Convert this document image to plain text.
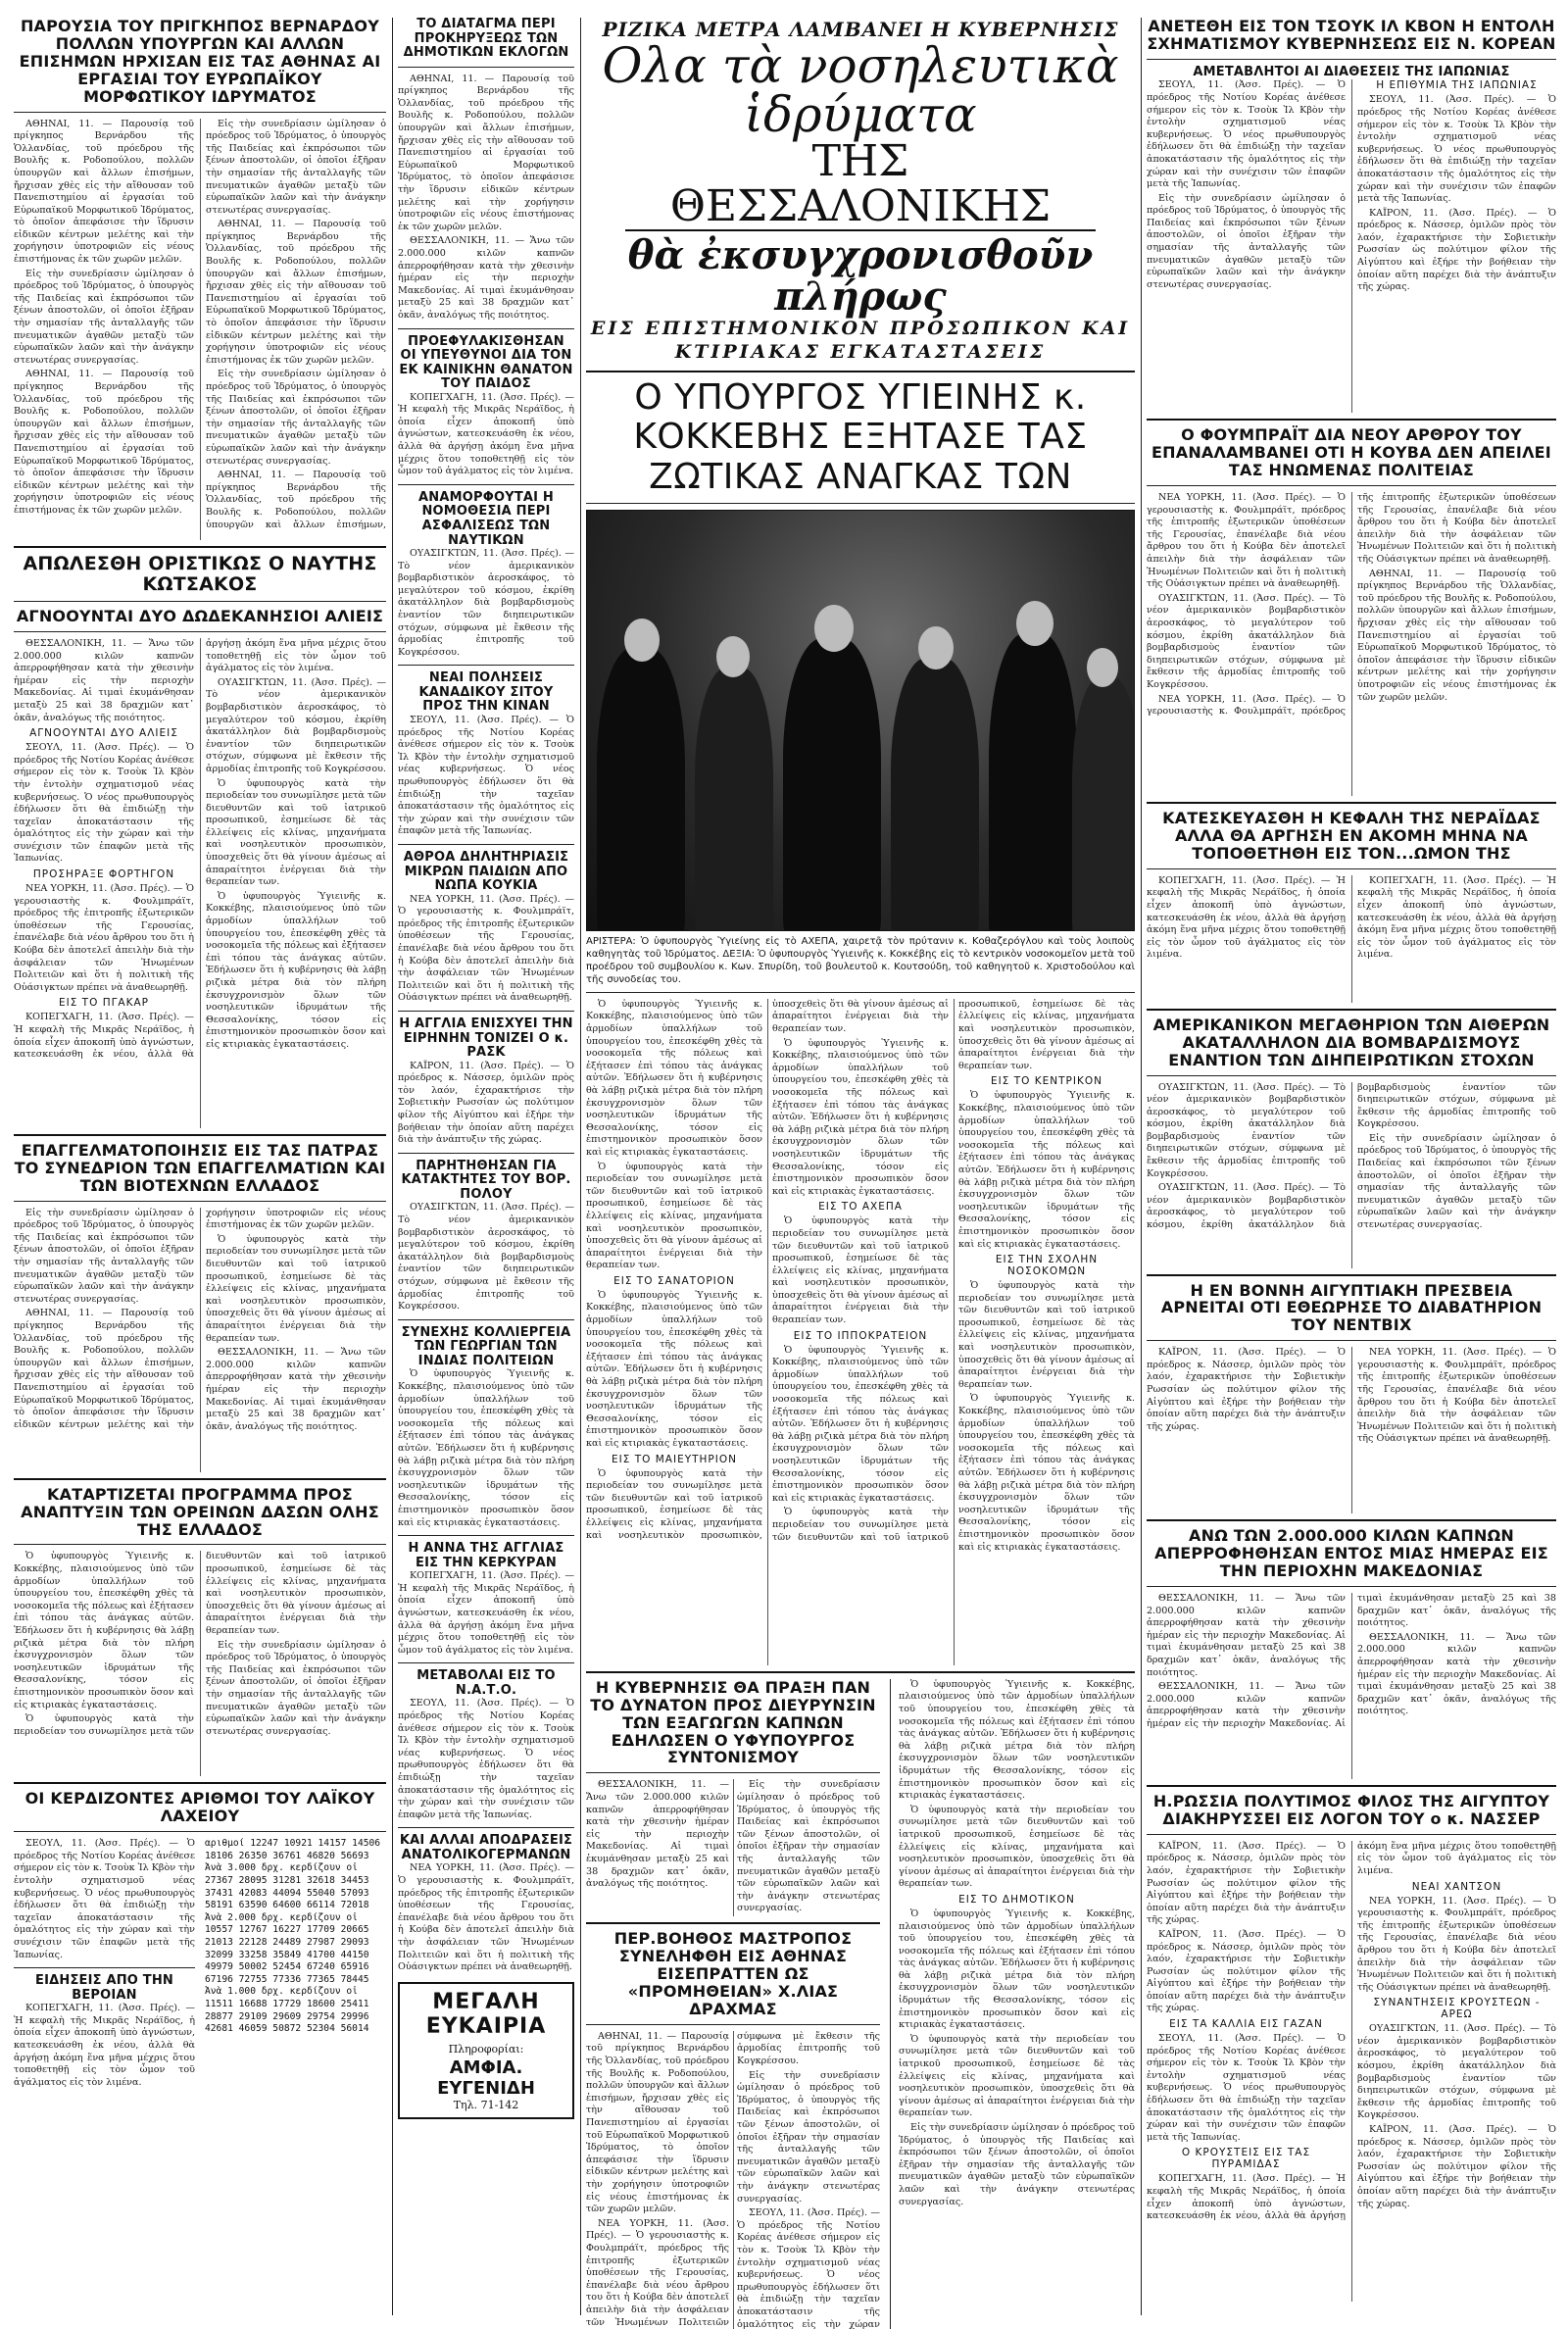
ΠΑΡΟΥΣΙΑ ΤΟΥ ΠΡΙΓΚΗΠΟΣ ΒΕΡΝΑΡΔΟΥ ΠΟΛΛΩΝ ΥΠΟΥΡΓΩΝ ΚΑΙ ΑΛΛΩΝ ΕΠΙΣΗΜΩΝ ΗΡΧΙΣΑΝ ΕΙΣ ΤΑΣ ΑΘΗΝΑΣ ΑΙ ΕΡΓΑΣΙΑΙ ΤΟΥ ΕΥΡΩΠΑΪΚΟΥ ΜΟΡΦΩΤΙΚΟΥ ΙΔΡΥΜΑΤΟΣ

ΑΘΗΝΑΙ, 11. — Παρουσίᾳ τοῦ πρίγκηπος Βερνάρδου τῆς Ὁλλανδίας, τοῦ πρόεδρου τῆς Βουλῆς κ. Ροδοπούλου, πολλῶν ὑπουργῶν καὶ ἄλλων ἐπισήμων, ἤρχισαν χθὲς εἰς τὴν αἴθουσαν τοῦ Πανεπιστημίου αἱ ἐργασίαι τοῦ Εὐρωπαϊκοῦ Μορφωτικοῦ Ἱδρύματος, τὸ ὁποῖον ἀπεφάσισε τὴν ἵδρυσιν εἰδικῶν κέντρων μελέτης καὶ τὴν χορήγησιν ὑποτροφιῶν εἰς νέους ἐπιστήμονας ἐκ τῶν χωρῶν μελῶν.

Εἰς τὴν συνεδρίασιν ὡμίλησαν ὁ πρόεδρος τοῦ Ἱδρύματος, ὁ ὑπουργὸς τῆς Παιδείας καὶ ἐκπρόσωποι τῶν ξένων ἀποστολῶν, οἱ ὁποῖοι ἐξῆραν τὴν σημασίαν τῆς ἀνταλλαγῆς τῶν πνευματικῶν ἀγαθῶν μεταξὺ τῶν εὐρωπαϊκῶν λαῶν καὶ τὴν ἀνάγκην στενωτέρας συνεργασίας.

ΑΘΗΝΑΙ, 11. — Παρουσίᾳ τοῦ πρίγκηπος Βερνάρδου τῆς Ὁλλανδίας, τοῦ πρόεδρου τῆς Βουλῆς κ. Ροδοπούλου, πολλῶν ὑπουργῶν καὶ ἄλλων ἐπισήμων, ἤρχισαν χθὲς εἰς τὴν αἴθουσαν τοῦ Πανεπιστημίου αἱ ἐργασίαι τοῦ Εὐρωπαϊκοῦ Μορφωτικοῦ Ἱδρύματος, τὸ ὁποῖον ἀπεφάσισε τὴν ἵδρυσιν εἰδικῶν κέντρων μελέτης καὶ τὴν χορήγησιν ὑποτροφιῶν εἰς νέους ἐπιστήμονας ἐκ τῶν χωρῶν μελῶν.

Εἰς τὴν συνεδρίασιν ὡμίλησαν ὁ πρόεδρος τοῦ Ἱδρύματος, ὁ ὑπουργὸς τῆς Παιδείας καὶ ἐκπρόσωποι τῶν ξένων ἀποστολῶν, οἱ ὁποῖοι ἐξῆραν τὴν σημασίαν τῆς ἀνταλλαγῆς τῶν πνευματικῶν ἀγαθῶν μεταξὺ τῶν εὐρωπαϊκῶν λαῶν καὶ τὴν ἀνάγκην στενωτέρας συνεργασίας.

ΑΘΗΝΑΙ, 11. — Παρουσίᾳ τοῦ πρίγκηπος Βερνάρδου τῆς Ὁλλανδίας, τοῦ πρόεδρου τῆς Βουλῆς κ. Ροδοπούλου, πολλῶν ὑπουργῶν καὶ ἄλλων ἐπισήμων, ἤρχισαν χθὲς εἰς τὴν αἴθουσαν τοῦ Πανεπιστημίου αἱ ἐργασίαι τοῦ Εὐρωπαϊκοῦ Μορφωτικοῦ Ἱδρύματος, τὸ ὁποῖον ἀπεφάσισε τὴν ἵδρυσιν εἰδικῶν κέντρων μελέτης καὶ τὴν χορήγησιν ὑποτροφιῶν εἰς νέους ἐπιστήμονας ἐκ τῶν χωρῶν μελῶν.

Εἰς τὴν συνεδρίασιν ὡμίλησαν ὁ πρόεδρος τοῦ Ἱδρύματος, ὁ ὑπουργὸς τῆς Παιδείας καὶ ἐκπρόσωποι τῶν ξένων ἀποστολῶν, οἱ ὁποῖοι ἐξῆραν τὴν σημασίαν τῆς ἀνταλλαγῆς τῶν πνευματικῶν ἀγαθῶν μεταξὺ τῶν εὐρωπαϊκῶν λαῶν καὶ τὴν ἀνάγκην στενωτέρας συνεργασίας.

ΑΘΗΝΑΙ, 11. — Παρουσίᾳ τοῦ πρίγκηπος Βερνάρδου τῆς Ὁλλανδίας, τοῦ πρόεδρου τῆς Βουλῆς κ. Ροδοπούλου, πολλῶν ὑπουργῶν καὶ ἄλλων ἐπισήμων,

ΑΠΩΛΕΣΘΗ ΟΡΙΣΤΙΚΩΣ Ο ΝΑΥΤΗΣ ΚΩΤΣΑΚΟΣ
ΑΓΝΟΟΥΝΤΑΙ ΔΥΟ ΔΩΔΕΚΑΝΗΣΙΟΙ ΑΛΙΕΙΣ

ΘΕΣΣΑΛΟΝΙΚΗ, 11. — Ἄνω τῶν 2.000.000 κιλῶν καπνῶν ἀπερροφήθησαν κατὰ τὴν χθεσινὴν ἡμέραν εἰς τὴν περιοχὴν Μακεδονίας. Αἱ τιμαὶ ἐκυμάνθησαν μεταξὺ 25 καὶ 38 δραχμῶν κατ᾽ ὀκᾶν, ἀναλόγως τῆς ποιότητος.

ΑΓΝΟΟΥΝΤΑΙ ΔΥΟ ΑΛΙΕΙΣ

ΣΕΟΥΛ, 11. (Ἀσσ. Πρές). — Ὁ πρόεδρος τῆς Νοτίου Κορέας ἀνέθεσε σήμερον εἰς τὸν κ. Τσοὺκ Ἰλ Κβὸν τὴν ἐντολὴν σχηματισμοῦ νέας κυβερνήσεως. Ὁ νέος πρωθυπουργὸς ἐδήλωσεν ὅτι θὰ ἐπιδιώξῃ τὴν ταχεῖαν ἀποκατάστασιν τῆς ὁμαλότητος εἰς τὴν χώραν καὶ τὴν συνέχισιν τῶν ἐπαφῶν μετὰ τῆς Ἰαπωνίας.

ΠΡΟΣΗΡΑΞΕ ΦΟΡΤΗΓΟΝ

ΝΕΑ ΥΟΡΚΗ, 11. (Ἀσσ. Πρές). — Ὁ γερουσιαστὴς κ. Φουλμπράϊτ, πρόεδρος τῆς ἐπιτροπῆς ἐξωτερικῶν ὑποθέσεων τῆς Γερουσίας, ἐπανέλαβε διὰ νέου ἄρθρου του ὅτι ἡ Κούβα δὲν ἀποτελεῖ ἀπειλὴν διὰ τὴν ἀσφάλειαν τῶν Ἡνωμένων Πολιτειῶν καὶ ὅτι ἡ πολιτικὴ τῆς Οὐάσιγκτων πρέπει νὰ ἀναθεωρηθῇ.

ΕΙΣ ΤΟ ΠΓΑΚΑΡ

ΚΟΠΕΓΧΑΓΗ, 11. (Ἀσσ. Πρές). — Ἡ κεφαλὴ τῆς Μικρᾶς Νεράϊδος, ἡ ὁποία εἶχεν ἀποκοπῆ ὑπὸ ἀγνώστων, κατεσκευάσθη ἐκ νέου, ἀλλὰ θὰ ἀργήσῃ ἀκόμη ἕνα μῆνα μέχρις ὅτου τοποθετηθῇ εἰς τὸν ὦμον τοῦ ἀγάλματος εἰς τὸν λιμένα.

ΟΥΑΣΙΓΚΤΩΝ, 11. (Ἀσσ. Πρές). — Τὸ νέον ἀμερικανικὸν βομβαρδιστικὸν ἀεροσκάφος, τὸ μεγαλύτερον τοῦ κόσμου, ἐκρίθη ἀκατάλληλον διὰ βομβαρδισμοὺς ἐναντίον τῶν διηπειρωτικῶν στόχων, σύμφωνα μὲ ἔκθεσιν τῆς ἁρμοδίας ἐπιτροπῆς τοῦ Κογκρέσσου.

Ὁ ὑφυπουργὸς κατὰ τὴν περιοδείαν του συνωμίλησε μετὰ τῶν διευθυντῶν καὶ τοῦ ἰατρικοῦ προσωπικοῦ, ἐσημείωσε δὲ τὰς ἐλλείψεις εἰς κλίνας, μηχανήματα καὶ νοσηλευτικὸν προσωπικὸν, ὑποσχεθεὶς ὅτι θὰ γίνουν ἀμέσως αἱ ἀπαραίτητοι ἐνέργειαι διὰ τὴν θεραπείαν των.

Ὁ ὑφυπουργὸς Ὑγιεινῆς κ. Κοκκέβης, πλαισιούμενος ὑπὸ τῶν ἁρμοδίων ὑπαλλήλων τοῦ ὑπουργείου του, ἐπεσκέφθη χθὲς τὰ νοσοκομεῖα τῆς πόλεως καὶ ἐξήτασεν ἐπὶ τόπου τὰς ἀνάγκας αὐτῶν. Ἐδήλωσεν ὅτι ἡ κυβέρνησις θὰ λάβῃ ριζικὰ μέτρα διὰ τὸν πλήρη ἐκσυγχρονισμὸν ὅλων τῶν νοσηλευτικῶν ἱδρυμάτων τῆς Θεσσαλονίκης, τόσον εἰς ἐπιστημονικὸν προσωπικὸν ὅσον καὶ εἰς κτιριακὰς ἐγκαταστάσεις.

ΕΠΑΓΓΕΛΜΑΤΟΠΟΙΗΣΙΣ ΕΙΣ ΤΑΣ ΠΑΤΡΑΣ ΤΟ ΣΥΝΕΔΡΙΟΝ ΤΩΝ ΕΠΑΓΓΕΛΜΑΤΙΩΝ ΚΑΙ ΤΩΝ ΒΙΟΤΕΧΝΩΝ ΕΛΛΑΔΟΣ

Εἰς τὴν συνεδρίασιν ὡμίλησαν ὁ πρόεδρος τοῦ Ἱδρύματος, ὁ ὑπουργὸς τῆς Παιδείας καὶ ἐκπρόσωποι τῶν ξένων ἀποστολῶν, οἱ ὁποῖοι ἐξῆραν τὴν σημασίαν τῆς ἀνταλλαγῆς τῶν πνευματικῶν ἀγαθῶν μεταξὺ τῶν εὐρωπαϊκῶν λαῶν καὶ τὴν ἀνάγκην στενωτέρας συνεργασίας.

ΑΘΗΝΑΙ, 11. — Παρουσίᾳ τοῦ πρίγκηπος Βερνάρδου τῆς Ὁλλανδίας, τοῦ πρόεδρου τῆς Βουλῆς κ. Ροδοπούλου, πολλῶν ὑπουργῶν καὶ ἄλλων ἐπισήμων, ἤρχισαν χθὲς εἰς τὴν αἴθουσαν τοῦ Πανεπιστημίου αἱ ἐργασίαι τοῦ Εὐρωπαϊκοῦ Μορφωτικοῦ Ἱδρύματος, τὸ ὁποῖον ἀπεφάσισε τὴν ἵδρυσιν εἰδικῶν κέντρων μελέτης καὶ τὴν χορήγησιν ὑποτροφιῶν εἰς νέους ἐπιστήμονας ἐκ τῶν χωρῶν μελῶν.

Ὁ ὑφυπουργὸς κατὰ τὴν περιοδείαν του συνωμίλησε μετὰ τῶν διευθυντῶν καὶ τοῦ ἰατρικοῦ προσωπικοῦ, ἐσημείωσε δὲ τὰς ἐλλείψεις εἰς κλίνας, μηχανήματα καὶ νοσηλευτικὸν προσωπικὸν, ὑποσχεθεὶς ὅτι θὰ γίνουν ἀμέσως αἱ ἀπαραίτητοι ἐνέργειαι διὰ τὴν θεραπείαν των.

ΘΕΣΣΑΛΟΝΙΚΗ, 11. — Ἄνω τῶν 2.000.000 κιλῶν καπνῶν ἀπερροφήθησαν κατὰ τὴν χθεσινὴν ἡμέραν εἰς τὴν περιοχὴν Μακεδονίας. Αἱ τιμαὶ ἐκυμάνθησαν μεταξὺ 25 καὶ 38 δραχμῶν κατ᾽ ὀκᾶν, ἀναλόγως τῆς ποιότητος.

ΚΑΤΑΡΤΙΖΕΤΑΙ ΠΡΟΓΡΑΜΜΑ ΠΡΟΣ ΑΝΑΠΤΥΞΙΝ ΤΩΝ ΟΡΕΙΝΩΝ ΔΑΣΩΝ ΟΛΗΣ ΤΗΣ ΕΛΛΑΔΟΣ

Ὁ ὑφυπουργὸς Ὑγιεινῆς κ. Κοκκέβης, πλαισιούμενος ὑπὸ τῶν ἁρμοδίων ὑπαλλήλων τοῦ ὑπουργείου του, ἐπεσκέφθη χθὲς τὰ νοσοκομεῖα τῆς πόλεως καὶ ἐξήτασεν ἐπὶ τόπου τὰς ἀνάγκας αὐτῶν. Ἐδήλωσεν ὅτι ἡ κυβέρνησις θὰ λάβῃ ριζικὰ μέτρα διὰ τὸν πλήρη ἐκσυγχρονισμὸν ὅλων τῶν νοσηλευτικῶν ἱδρυμάτων τῆς Θεσσαλονίκης, τόσον εἰς ἐπιστημονικὸν προσωπικὸν ὅσον καὶ εἰς κτιριακὰς ἐγκαταστάσεις.

Ὁ ὑφυπουργὸς κατὰ τὴν περιοδείαν του συνωμίλησε μετὰ τῶν διευθυντῶν καὶ τοῦ ἰατρικοῦ προσωπικοῦ, ἐσημείωσε δὲ τὰς ἐλλείψεις εἰς κλίνας, μηχανήματα καὶ νοσηλευτικὸν προσωπικὸν, ὑποσχεθεὶς ὅτι θὰ γίνουν ἀμέσως αἱ ἀπαραίτητοι ἐνέργειαι διὰ τὴν θεραπείαν των.

Εἰς τὴν συνεδρίασιν ὡμίλησαν ὁ πρόεδρος τοῦ Ἱδρύματος, ὁ ὑπουργὸς τῆς Παιδείας καὶ ἐκπρόσωποι τῶν ξένων ἀποστολῶν, οἱ ὁποῖοι ἐξῆραν τὴν σημασίαν τῆς ἀνταλλαγῆς τῶν πνευματικῶν ἀγαθῶν μεταξὺ τῶν εὐρωπαϊκῶν λαῶν καὶ τὴν ἀνάγκην στενωτέρας συνεργασίας.

ΟΙ ΚΕΡΔΙΖΟΝΤΕΣ ΑΡΙΘΜΟΙ ΤΟΥ ΛΑΪΚΟΥ ΛΑΧΕΙΟΥ

ΣΕΟΥΛ, 11. (Ἀσσ. Πρές). — Ὁ πρόεδρος τῆς Νοτίου Κορέας ἀνέθεσε σήμερον εἰς τὸν κ. Τσοὺκ Ἰλ Κβὸν τὴν ἐντολὴν σχηματισμοῦ νέας κυβερνήσεως. Ὁ νέος πρωθυπουργὸς ἐδήλωσεν ὅτι θὰ ἐπιδιώξῃ τὴν ταχεῖαν ἀποκατάστασιν τῆς ὁμαλότητος εἰς τὴν χώραν καὶ τὴν συνέχισιν τῶν ἐπαφῶν μετὰ τῆς Ἰαπωνίας.

ΕΙΔΗΣΕΙΣ ΑΠΟ ΤΗΝ ΒΕΡΟΙΑΝ

ΚΟΠΕΓΧΑΓΗ, 11. (Ἀσσ. Πρές). — Ἡ κεφαλὴ τῆς Μικρᾶς Νεράϊδος, ἡ ὁποία εἶχεν ἀποκοπῆ ὑπὸ ἀγνώστων, κατεσκευάσθη ἐκ νέου, ἀλλὰ θὰ ἀργήσῃ ἀκόμη ἕνα μῆνα μέχρις ὅτου τοποθετηθῇ εἰς τὸν ὦμον τοῦ ἀγάλματος εἰς τὸν λιμένα.

αριθμοί 12247 10921 14157 14506
18106 26350 36761 46820 56693
Ἀνὰ 3.000 δρχ. κερδίζουν οἱ
27367 28095 31281 32618 34453
37431 42083 44094 55040 57093
58191 63590 64600 66114 72018
Ἀνὰ 2.000 δρχ. κερδίζουν οἱ
10557 12767 16227 17709 20665
21013 22128 24489 27987 29093
32099 33258 35849 41700 44150
49979 50002 52454 67240 65916
67196 72755 77336 77365 78445
Ἀνὰ 1.000 δρχ. κερδίζουν οἱ
11511 16688 17729 18600 25411
28877 29109 29609 29754 29996
42681 46059 50872 52304 56014
ΤΟ ΔΙΑΤΑΓΜΑ ΠΕΡΙ ΠΡΟΚΗΡΥΞΕΩΣ ΤΩΝ ΔΗΜΟΤΙΚΩΝ ΕΚΛΟΓΩΝ

ΑΘΗΝΑΙ, 11. — Παρουσίᾳ τοῦ πρίγκηπος Βερνάρδου τῆς Ὁλλανδίας, τοῦ πρόεδρου τῆς Βουλῆς κ. Ροδοπούλου, πολλῶν ὑπουργῶν καὶ ἄλλων ἐπισήμων, ἤρχισαν χθὲς εἰς τὴν αἴθουσαν τοῦ Πανεπιστημίου αἱ ἐργασίαι τοῦ Εὐρωπαϊκοῦ Μορφωτικοῦ Ἱδρύματος, τὸ ὁποῖον ἀπεφάσισε τὴν ἵδρυσιν εἰδικῶν κέντρων μελέτης καὶ τὴν χορήγησιν ὑποτροφιῶν εἰς νέους ἐπιστήμονας ἐκ τῶν χωρῶν μελῶν.

ΘΕΣΣΑΛΟΝΙΚΗ, 11. — Ἄνω τῶν 2.000.000 κιλῶν καπνῶν ἀπερροφήθησαν κατὰ τὴν χθεσινὴν ἡμέραν εἰς τὴν περιοχὴν Μακεδονίας. Αἱ τιμαὶ ἐκυμάνθησαν μεταξὺ 25 καὶ 38 δραχμῶν κατ᾽ ὀκᾶν, ἀναλόγως τῆς ποιότητος.

ΠΡΟΕΦΥΛΑΚΙΣΘΗΣΑΝ ΟΙ ΥΠΕΥΘΥΝΟΙ ΔΙΑ ΤΟΝ ΕΚ ΚΑΙΝΙΚΗΝ ΘΑΝΑΤΟΝ ΤΟΥ ΠΑΙΔΟΣ

ΚΟΠΕΓΧΑΓΗ, 11. (Ἀσσ. Πρές). — Ἡ κεφαλὴ τῆς Μικρᾶς Νεράϊδος, ἡ ὁποία εἶχεν ἀποκοπῆ ὑπὸ ἀγνώστων, κατεσκευάσθη ἐκ νέου, ἀλλὰ θὰ ἀργήσῃ ἀκόμη ἕνα μῆνα μέχρις ὅτου τοποθετηθῇ εἰς τὸν ὦμον τοῦ ἀγάλματος εἰς τὸν λιμένα.

ΑΝΑΜΟΡΦΟΥΤΑΙ Η ΝΟΜΟΘΕΣΙΑ ΠΕΡΙ ΑΣΦΑΛΙΣΕΩΣ ΤΩΝ ΝΑΥΤΙΚΩΝ

ΟΥΑΣΙΓΚΤΩΝ, 11. (Ἀσσ. Πρές). — Τὸ νέον ἀμερικανικὸν βομβαρδιστικὸν ἀεροσκάφος, τὸ μεγαλύτερον τοῦ κόσμου, ἐκρίθη ἀκατάλληλον διὰ βομβαρδισμοὺς ἐναντίον τῶν διηπειρωτικῶν στόχων, σύμφωνα μὲ ἔκθεσιν τῆς ἁρμοδίας ἐπιτροπῆς τοῦ Κογκρέσσου.

ΝΕΑΙ ΠΟΛΗΣΕΙΣ ΚΑΝΑΔΙΚΟΥ ΣΙΤΟΥ ΠΡΟΣ ΤΗΝ ΚΙΝΑΝ

ΣΕΟΥΛ, 11. (Ἀσσ. Πρές). — Ὁ πρόεδρος τῆς Νοτίου Κορέας ἀνέθεσε σήμερον εἰς τὸν κ. Τσοὺκ Ἰλ Κβὸν τὴν ἐντολὴν σχηματισμοῦ νέας κυβερνήσεως. Ὁ νέος πρωθυπουργὸς ἐδήλωσεν ὅτι θὰ ἐπιδιώξῃ τὴν ταχεῖαν ἀποκατάστασιν τῆς ὁμαλότητος εἰς τὴν χώραν καὶ τὴν συνέχισιν τῶν ἐπαφῶν μετὰ τῆς Ἰαπωνίας.

ΑΘΡΟΑ ΔΗΛΗΤΗΡΙΑΣΙΣ ΜΙΚΡΩΝ ΠΑΙΔΙΩΝ ΑΠΟ ΝΩΠΑ ΚΟΥΚΙΑ

ΝΕΑ ΥΟΡΚΗ, 11. (Ἀσσ. Πρές). — Ὁ γερουσιαστὴς κ. Φουλμπράϊτ, πρόεδρος τῆς ἐπιτροπῆς ἐξωτερικῶν ὑποθέσεων τῆς Γερουσίας, ἐπανέλαβε διὰ νέου ἄρθρου του ὅτι ἡ Κούβα δὲν ἀποτελεῖ ἀπειλὴν διὰ τὴν ἀσφάλειαν τῶν Ἡνωμένων Πολιτειῶν καὶ ὅτι ἡ πολιτικὴ τῆς Οὐάσιγκτων πρέπει νὰ ἀναθεωρηθῇ.

Η ΑΓΓΛΙΑ ΕΝΙΣΧΥΕΙ ΤΗΝ ΕΙΡΗΝΗΝ ΤΟΝΙΖΕΙ Ο κ. ΡΑΣΚ

ΚΑΪΡΟΝ, 11. (Ἀσσ. Πρές). — Ὁ πρόεδρος κ. Νάσσερ, ὁμιλῶν πρὸς τὸν λαόν, ἐχαρακτήρισε τὴν Σοβιετικὴν Ρωσσίαν ὡς πολύτιμον φίλον τῆς Αἰγύπτου καὶ ἐξήρε τὴν βοήθειαν τὴν ὁποίαν αὕτη παρέχει διὰ τὴν ἀνάπτυξιν τῆς χώρας.

ΠΑΡΗΤΗΘΗΣΑΝ ΓΙΑ ΚΑΤΑΚΤΗΤΕΣ ΤΟΥ ΒΟΡ. ΠΟΛΟΥ

ΟΥΑΣΙΓΚΤΩΝ, 11. (Ἀσσ. Πρές). — Τὸ νέον ἀμερικανικὸν βομβαρδιστικὸν ἀεροσκάφος, τὸ μεγαλύτερον τοῦ κόσμου, ἐκρίθη ἀκατάλληλον διὰ βομβαρδισμοὺς ἐναντίον τῶν διηπειρωτικῶν στόχων, σύμφωνα μὲ ἔκθεσιν τῆς ἁρμοδίας ἐπιτροπῆς τοῦ Κογκρέσσου.

ΣΥΝΕΧΗΣ ΚΟΛΛΙΕΡΓΕΙΑ ΤΩΝ ΓΕΩΡΓΙΑΝ ΤΩΝ ΙΝΔΙΑΣ ΠΟΛΙΤΕΙΩΝ

Ὁ ὑφυπουργὸς Ὑγιεινῆς κ. Κοκκέβης, πλαισιούμενος ὑπὸ τῶν ἁρμοδίων ὑπαλλήλων τοῦ ὑπουργείου του, ἐπεσκέφθη χθὲς τὰ νοσοκομεῖα τῆς πόλεως καὶ ἐξήτασεν ἐπὶ τόπου τὰς ἀνάγκας αὐτῶν. Ἐδήλωσεν ὅτι ἡ κυβέρνησις θὰ λάβῃ ριζικὰ μέτρα διὰ τὸν πλήρη ἐκσυγχρονισμὸν ὅλων τῶν νοσηλευτικῶν ἱδρυμάτων τῆς Θεσσαλονίκης, τόσον εἰς ἐπιστημονικὸν προσωπικὸν ὅσον καὶ εἰς κτιριακὰς ἐγκαταστάσεις.

Η ΑΝΝΑ ΤΗΣ ΑΓΓΛΙΑΣ ΕΙΣ ΤΗΝ ΚΕΡΚΥΡΑΝ

ΚΟΠΕΓΧΑΓΗ, 11. (Ἀσσ. Πρές). — Ἡ κεφαλὴ τῆς Μικρᾶς Νεράϊδος, ἡ ὁποία εἶχεν ἀποκοπῆ ὑπὸ ἀγνώστων, κατεσκευάσθη ἐκ νέου, ἀλλὰ θὰ ἀργήσῃ ἀκόμη ἕνα μῆνα μέχρις ὅτου τοποθετηθῇ εἰς τὸν ὦμον τοῦ ἀγάλματος εἰς τὸν λιμένα.

ΜΕΤΑΒΟΛΑΙ ΕΙΣ ΤΟ Ν.Α.Τ.Ο.

ΣΕΟΥΛ, 11. (Ἀσσ. Πρές). — Ὁ πρόεδρος τῆς Νοτίου Κορέας ἀνέθεσε σήμερον εἰς τὸν κ. Τσοὺκ Ἰλ Κβὸν τὴν ἐντολὴν σχηματισμοῦ νέας κυβερνήσεως. Ὁ νέος πρωθυπουργὸς ἐδήλωσεν ὅτι θὰ ἐπιδιώξῃ τὴν ταχεῖαν ἀποκατάστασιν τῆς ὁμαλότητος εἰς τὴν χώραν καὶ τὴν συνέχισιν τῶν ἐπαφῶν μετὰ τῆς Ἰαπωνίας.

ΚΑΙ ΑΛΛΑΙ ΑΠΟΔΡΑΣΕΙΣ ΑΝΑΤΟΛΙΚΟΓΕΡΜΑΝΩΝ

ΝΕΑ ΥΟΡΚΗ, 11. (Ἀσσ. Πρές). — Ὁ γερουσιαστὴς κ. Φουλμπράϊτ, πρόεδρος τῆς ἐπιτροπῆς ἐξωτερικῶν ὑποθέσεων τῆς Γερουσίας, ἐπανέλαβε διὰ νέου ἄρθρου του ὅτι ἡ Κούβα δὲν ἀποτελεῖ ἀπειλὴν διὰ τὴν ἀσφάλειαν τῶν Ἡνωμένων Πολιτειῶν καὶ ὅτι ἡ πολιτικὴ τῆς Οὐάσιγκτων πρέπει νὰ ἀναθεωρηθῇ.

ΜΕΓΑΛΗ ΕΥΚΑΙΡΙΑ
Πληροφορίαι:
ΑΜΦΙΑ. ΕΥΓΕΝΙΔΗ
Τηλ. 71-142
ΡΙΖΙΚΑ ΜΕΤΡΑ ΛΑΜΒΑΝΕΙ Η ΚΥΒΕΡΝΗΣΙΣ
Ολα τὰ νοσηλευτικὰ ἱδρύματα
ΤΗΣ ΘΕΣΣΑΛΟΝΙΚΗΣ
θὰ ἐκσυγχρονισθοῦν πλήρως
ΕΙΣ ΕΠΙΣΤΗΜΟΝΙΚΟΝ ΠΡΟΣΩΠΙΚΟΝ ΚΑΙ ΚΤΙΡΙΑΚΑΣ ΕΓΚΑΤΑΣΤΑΣΕΙΣ
Ο ΥΠΟΥΡΓΟΣ ΥΓΙΕΙΝΗΣ κ. ΚΟΚΚΕΒΗΣ ΕΞΗΤΑΣΕ ΤΑΣ ΖΩΤΙΚΑΣ ΑΝΑΓΚΑΣ ΤΩΝ
ΑΡΙΣΤΕΡΑ: Ὁ ὑφυπουργὸς Ὑγιείνης εἰς τὸ ΑΧΕΠΑ, χαιρετᾷ τὸν πρύτανιν κ. Κοθαζερόγλου καὶ τοὺς λοιποὺς καθηγητὰς τοῦ Ἱδρύματος. ΔΕΞΙΑ: Ὁ ὑφυπουργὸς Ὑγιεινῆς κ. Κοκκέβης εἰς τὸ κεντρικὸν νοσοκομεῖον μετὰ τοῦ προέδρου τοῦ συμβουλίου κ. Κων. Σπυρίδη, τοῦ βουλευτοῦ κ. Κουτσούδη, τοῦ καθηγητοῦ κ. Χριστοδούλου καὶ τῆς συνοδείας του.

Ὁ ὑφυπουργὸς Ὑγιεινῆς κ. Κοκκέβης, πλαισιούμενος ὑπὸ τῶν ἁρμοδίων ὑπαλλήλων τοῦ ὑπουργείου του, ἐπεσκέφθη χθὲς τὰ νοσοκομεῖα τῆς πόλεως καὶ ἐξήτασεν ἐπὶ τόπου τὰς ἀνάγκας αὐτῶν. Ἐδήλωσεν ὅτι ἡ κυβέρνησις θὰ λάβῃ ριζικὰ μέτρα διὰ τὸν πλήρη ἐκσυγχρονισμὸν ὅλων τῶν νοσηλευτικῶν ἱδρυμάτων τῆς Θεσσαλονίκης, τόσον εἰς ἐπιστημονικὸν προσωπικὸν ὅσον καὶ εἰς κτιριακὰς ἐγκαταστάσεις.

Ὁ ὑφυπουργὸς κατὰ τὴν περιοδείαν του συνωμίλησε μετὰ τῶν διευθυντῶν καὶ τοῦ ἰατρικοῦ προσωπικοῦ, ἐσημείωσε δὲ τὰς ἐλλείψεις εἰς κλίνας, μηχανήματα καὶ νοσηλευτικὸν προσωπικὸν, ὑποσχεθεὶς ὅτι θὰ γίνουν ἀμέσως αἱ ἀπαραίτητοι ἐνέργειαι διὰ τὴν θεραπείαν των.

ΕΙΣ ΤΟ ΣΑΝΑΤΟΡΙΟΝ

Ὁ ὑφυπουργὸς Ὑγιεινῆς κ. Κοκκέβης, πλαισιούμενος ὑπὸ τῶν ἁρμοδίων ὑπαλλήλων τοῦ ὑπουργείου του, ἐπεσκέφθη χθὲς τὰ νοσοκομεῖα τῆς πόλεως καὶ ἐξήτασεν ἐπὶ τόπου τὰς ἀνάγκας αὐτῶν. Ἐδήλωσεν ὅτι ἡ κυβέρνησις θὰ λάβῃ ριζικὰ μέτρα διὰ τὸν πλήρη ἐκσυγχρονισμὸν ὅλων τῶν νοσηλευτικῶν ἱδρυμάτων τῆς Θεσσαλονίκης, τόσον εἰς ἐπιστημονικὸν προσωπικὸν ὅσον καὶ εἰς κτιριακὰς ἐγκαταστάσεις.

ΕΙΣ ΤΟ ΜΑΙΕΥΤΗΡΙΟΝ

Ὁ ὑφυπουργὸς κατὰ τὴν περιοδείαν του συνωμίλησε μετὰ τῶν διευθυντῶν καὶ τοῦ ἰατρικοῦ προσωπικοῦ, ἐσημείωσε δὲ τὰς ἐλλείψεις εἰς κλίνας, μηχανήματα καὶ νοσηλευτικὸν προσωπικὸν, ὑποσχεθεὶς ὅτι θὰ γίνουν ἀμέσως αἱ ἀπαραίτητοι ἐνέργειαι διὰ τὴν θεραπείαν των.

Ὁ ὑφυπουργὸς Ὑγιεινῆς κ. Κοκκέβης, πλαισιούμενος ὑπὸ τῶν ἁρμοδίων ὑπαλλήλων τοῦ ὑπουργείου του, ἐπεσκέφθη χθὲς τὰ νοσοκομεῖα τῆς πόλεως καὶ ἐξήτασεν ἐπὶ τόπου τὰς ἀνάγκας αὐτῶν. Ἐδήλωσεν ὅτι ἡ κυβέρνησις θὰ λάβῃ ριζικὰ μέτρα διὰ τὸν πλήρη ἐκσυγχρονισμὸν ὅλων τῶν νοσηλευτικῶν ἱδρυμάτων τῆς Θεσσαλονίκης, τόσον εἰς ἐπιστημονικὸν προσωπικὸν ὅσον καὶ εἰς κτιριακὰς ἐγκαταστάσεις.

ΕΙΣ ΤΟ ΑΧΕΠΑ

Ὁ ὑφυπουργὸς κατὰ τὴν περιοδείαν του συνωμίλησε μετὰ τῶν διευθυντῶν καὶ τοῦ ἰατρικοῦ προσωπικοῦ, ἐσημείωσε δὲ τὰς ἐλλείψεις εἰς κλίνας, μηχανήματα καὶ νοσηλευτικὸν προσωπικὸν, ὑποσχεθεὶς ὅτι θὰ γίνουν ἀμέσως αἱ ἀπαραίτητοι ἐνέργειαι διὰ τὴν θεραπείαν των.

ΕΙΣ ΤΟ ΙΠΠΟΚΡΑΤΕΙΟΝ

Ὁ ὑφυπουργὸς Ὑγιεινῆς κ. Κοκκέβης, πλαισιούμενος ὑπὸ τῶν ἁρμοδίων ὑπαλλήλων τοῦ ὑπουργείου του, ἐπεσκέφθη χθὲς τὰ νοσοκομεῖα τῆς πόλεως καὶ ἐξήτασεν ἐπὶ τόπου τὰς ἀνάγκας αὐτῶν. Ἐδήλωσεν ὅτι ἡ κυβέρνησις θὰ λάβῃ ριζικὰ μέτρα διὰ τὸν πλήρη ἐκσυγχρονισμὸν ὅλων τῶν νοσηλευτικῶν ἱδρυμάτων τῆς Θεσσαλονίκης, τόσον εἰς ἐπιστημονικὸν προσωπικὸν ὅσον καὶ εἰς κτιριακὰς ἐγκαταστάσεις.

Ὁ ὑφυπουργὸς κατὰ τὴν περιοδείαν του συνωμίλησε μετὰ τῶν διευθυντῶν καὶ τοῦ ἰατρικοῦ προσωπικοῦ, ἐσημείωσε δὲ τὰς ἐλλείψεις εἰς κλίνας, μηχανήματα καὶ νοσηλευτικὸν προσωπικὸν, ὑποσχεθεὶς ὅτι θὰ γίνουν ἀμέσως αἱ ἀπαραίτητοι ἐνέργειαι διὰ τὴν θεραπείαν των.

ΕΙΣ ΤΟ ΚΕΝΤΡΙΚΟΝ

Ὁ ὑφυπουργὸς Ὑγιεινῆς κ. Κοκκέβης, πλαισιούμενος ὑπὸ τῶν ἁρμοδίων ὑπαλλήλων τοῦ ὑπουργείου του, ἐπεσκέφθη χθὲς τὰ νοσοκομεῖα τῆς πόλεως καὶ ἐξήτασεν ἐπὶ τόπου τὰς ἀνάγκας αὐτῶν. Ἐδήλωσεν ὅτι ἡ κυβέρνησις θὰ λάβῃ ριζικὰ μέτρα διὰ τὸν πλήρη ἐκσυγχρονισμὸν ὅλων τῶν νοσηλευτικῶν ἱδρυμάτων τῆς Θεσσαλονίκης, τόσον εἰς ἐπιστημονικὸν προσωπικὸν ὅσον καὶ εἰς κτιριακὰς ἐγκαταστάσεις.

ΕΙΣ ΤΗΝ ΣΧΟΛΗΝ ΝΟΣΟΚΟΜΩΝ

Ὁ ὑφυπουργὸς κατὰ τὴν περιοδείαν του συνωμίλησε μετὰ τῶν διευθυντῶν καὶ τοῦ ἰατρικοῦ προσωπικοῦ, ἐσημείωσε δὲ τὰς ἐλλείψεις εἰς κλίνας, μηχανήματα καὶ νοσηλευτικὸν προσωπικὸν, ὑποσχεθεὶς ὅτι θὰ γίνουν ἀμέσως αἱ ἀπαραίτητοι ἐνέργειαι διὰ τὴν θεραπείαν των.

Ὁ ὑφυπουργὸς Ὑγιεινῆς κ. Κοκκέβης, πλαισιούμενος ὑπὸ τῶν ἁρμοδίων ὑπαλλήλων τοῦ ὑπουργείου του, ἐπεσκέφθη χθὲς τὰ νοσοκομεῖα τῆς πόλεως καὶ ἐξήτασεν ἐπὶ τόπου τὰς ἀνάγκας αὐτῶν. Ἐδήλωσεν ὅτι ἡ κυβέρνησις θὰ λάβῃ ριζικὰ μέτρα διὰ τὸν πλήρη ἐκσυγχρονισμὸν ὅλων τῶν νοσηλευτικῶν ἱδρυμάτων τῆς Θεσσαλονίκης, τόσον εἰς ἐπιστημονικὸν προσωπικὸν ὅσον καὶ εἰς κτιριακὰς ἐγκαταστάσεις.

Η ΚΥΒΕΡΝΗΣΙΣ ΘΑ ΠΡΑΞΗ ΠΑΝ ΤΟ ΔΥΝΑΤΟΝ ΠΡΟΣ ΔΙΕΥΡΥΝΣΙΝ ΤΩΝ ΕΞΑΓΩΓΩΝ ΚΑΠΝΩΝ ΕΔΗΛΩΣΕΝ Ο ΥΦΥΠΟΥΡΓΟΣ ΣΥΝΤΟΝΙΣΜΟΥ

ΘΕΣΣΑΛΟΝΙΚΗ, 11. — Ἄνω τῶν 2.000.000 κιλῶν καπνῶν ἀπερροφήθησαν κατὰ τὴν χθεσινὴν ἡμέραν εἰς τὴν περιοχὴν Μακεδονίας. Αἱ τιμαὶ ἐκυμάνθησαν μεταξὺ 25 καὶ 38 δραχμῶν κατ᾽ ὀκᾶν, ἀναλόγως τῆς ποιότητος.

Εἰς τὴν συνεδρίασιν ὡμίλησαν ὁ πρόεδρος τοῦ Ἱδρύματος, ὁ ὑπουργὸς τῆς Παιδείας καὶ ἐκπρόσωποι τῶν ξένων ἀποστολῶν, οἱ ὁποῖοι ἐξῆραν τὴν σημασίαν τῆς ἀνταλλαγῆς τῶν πνευματικῶν ἀγαθῶν μεταξὺ τῶν εὐρωπαϊκῶν λαῶν καὶ τὴν ἀνάγκην στενωτέρας συνεργασίας.

ΠΕΡ.ΒΟΗΘΟΣ ΜΑΣΤΡΟΠΟΣ ΣΥΝΕΛΗΦΘΗ ΕΙΣ ΑΘΗΝΑΣ ΕΙΣΕΠΡΑΤΤΕΝ ΩΣ «ΠΡΟΜΗΘΕΙΑΝ» Χ.ΛΙΑΣ ΔΡΑΧΜΑΣ

ΑΘΗΝΑΙ, 11. — Παρουσίᾳ τοῦ πρίγκηπος Βερνάρδου τῆς Ὁλλανδίας, τοῦ πρόεδρου τῆς Βουλῆς κ. Ροδοπούλου, πολλῶν ὑπουργῶν καὶ ἄλλων ἐπισήμων, ἤρχισαν χθὲς εἰς τὴν αἴθουσαν τοῦ Πανεπιστημίου αἱ ἐργασίαι τοῦ Εὐρωπαϊκοῦ Μορφωτικοῦ Ἱδρύματος, τὸ ὁποῖον ἀπεφάσισε τὴν ἵδρυσιν εἰδικῶν κέντρων μελέτης καὶ τὴν χορήγησιν ὑποτροφιῶν εἰς νέους ἐπιστήμονας ἐκ τῶν χωρῶν μελῶν.

ΝΕΑ ΥΟΡΚΗ, 11. (Ἀσσ. Πρές). — Ὁ γερουσιαστὴς κ. Φουλμπράϊτ, πρόεδρος τῆς ἐπιτροπῆς ἐξωτερικῶν ὑποθέσεων τῆς Γερουσίας, ἐπανέλαβε διὰ νέου ἄρθρου του ὅτι ἡ Κούβα δὲν ἀποτελεῖ ἀπειλὴν διὰ τὴν ἀσφάλειαν τῶν Ἡνωμένων Πολιτειῶν

σύμφωνα μὲ ἔκθεσιν τῆς ἁρμοδίας ἐπιτροπῆς τοῦ Κογκρέσσου.

Εἰς τὴν συνεδρίασιν ὡμίλησαν ὁ πρόεδρος τοῦ Ἱδρύματος, ὁ ὑπουργὸς τῆς Παιδείας καὶ ἐκπρόσωποι τῶν ξένων ἀποστολῶν, οἱ ὁποῖοι ἐξῆραν τὴν σημασίαν τῆς ἀνταλλαγῆς τῶν πνευματικῶν ἀγαθῶν μεταξὺ τῶν εὐρωπαϊκῶν λαῶν καὶ τὴν ἀνάγκην στενωτέρας συνεργασίας.

ΣΕΟΥΛ, 11. (Ἀσσ. Πρές). — Ὁ πρόεδρος τῆς Νοτίου Κορέας ἀνέθεσε σήμερον εἰς τὸν κ. Τσοὺκ Ἰλ Κβὸν τὴν ἐντολὴν σχηματισμοῦ νέας κυβερνήσεως. Ὁ νέος πρωθυπουργὸς ἐδήλωσεν ὅτι θὰ ἐπιδιώξῃ τὴν ταχεῖαν ἀποκατάστασιν τῆς ὁμαλότητος εἰς τὴν χώραν

Ὁ ὑφυπουργὸς Ὑγιεινῆς κ. Κοκκέβης, πλαισιούμενος ὑπὸ τῶν ἁρμοδίων ὑπαλλήλων τοῦ ὑπουργείου του, ἐπεσκέφθη χθὲς τὰ νοσοκομεῖα τῆς πόλεως καὶ ἐξήτασεν ἐπὶ τόπου τὰς ἀνάγκας αὐτῶν. Ἐδήλωσεν ὅτι ἡ κυβέρνησις θὰ λάβῃ ριζικὰ μέτρα διὰ τὸν πλήρη ἐκσυγχρονισμὸν ὅλων τῶν νοσηλευτικῶν ἱδρυμάτων τῆς Θεσσαλονίκης, τόσον εἰς ἐπιστημονικὸν προσωπικὸν ὅσον καὶ εἰς κτιριακὰς ἐγκαταστάσεις.

Ὁ ὑφυπουργὸς κατὰ τὴν περιοδείαν του συνωμίλησε μετὰ τῶν διευθυντῶν καὶ τοῦ ἰατρικοῦ προσωπικοῦ, ἐσημείωσε δὲ τὰς ἐλλείψεις εἰς κλίνας, μηχανήματα καὶ νοσηλευτικὸν προσωπικὸν, ὑποσχεθεὶς ὅτι θὰ γίνουν ἀμέσως αἱ ἀπαραίτητοι ἐνέργειαι διὰ τὴν θεραπείαν των.

ΕΙΣ ΤΟ ΔΗΜΟΤΙΚΟΝ

Ὁ ὑφυπουργὸς Ὑγιεινῆς κ. Κοκκέβης, πλαισιούμενος ὑπὸ τῶν ἁρμοδίων ὑπαλλήλων τοῦ ὑπουργείου του, ἐπεσκέφθη χθὲς τὰ νοσοκομεῖα τῆς πόλεως καὶ ἐξήτασεν ἐπὶ τόπου τὰς ἀνάγκας αὐτῶν. Ἐδήλωσεν ὅτι ἡ κυβέρνησις θὰ λάβῃ ριζικὰ μέτρα διὰ τὸν πλήρη ἐκσυγχρονισμὸν ὅλων τῶν νοσηλευτικῶν ἱδρυμάτων τῆς Θεσσαλονίκης, τόσον εἰς ἐπιστημονικὸν προσωπικὸν ὅσον καὶ εἰς κτιριακὰς ἐγκαταστάσεις.

Ὁ ὑφυπουργὸς κατὰ τὴν περιοδείαν του συνωμίλησε μετὰ τῶν διευθυντῶν καὶ τοῦ ἰατρικοῦ προσωπικοῦ, ἐσημείωσε δὲ τὰς ἐλλείψεις εἰς κλίνας, μηχανήματα καὶ νοσηλευτικὸν προσωπικὸν, ὑποσχεθεὶς ὅτι θὰ γίνουν ἀμέσως αἱ ἀπαραίτητοι ἐνέργειαι διὰ τὴν θεραπείαν των.

Εἰς τὴν συνεδρίασιν ὡμίλησαν ὁ πρόεδρος τοῦ Ἱδρύματος, ὁ ὑπουργὸς τῆς Παιδείας καὶ ἐκπρόσωποι τῶν ξένων ἀποστολῶν, οἱ ὁποῖοι ἐξῆραν τὴν σημασίαν τῆς ἀνταλλαγῆς τῶν πνευματικῶν ἀγαθῶν μεταξὺ τῶν εὐρωπαϊκῶν λαῶν καὶ τὴν ἀνάγκην στενωτέρας συνεργασίας.

ΑΝΕΤΕΘΗ ΕΙΣ ΤΟΝ ΤΣΟΥΚ ΙΛ ΚΒΟΝ Η ΕΝΤΟΛΗ ΣΧΗΜΑΤΙΣΜΟΥ ΚΥΒΕΡΝΗΣΕΩΣ ΕΙΣ Ν. ΚΟΡΕΑΝ
ΑΜΕΤΑΒΛΗΤΟΙ ΑΙ ΔΙΑΘΕΣΕΙΣ ΤΗΣ ΙΑΠΩΝΙΑΣ

ΣΕΟΥΛ, 11. (Ἀσσ. Πρές). — Ὁ πρόεδρος τῆς Νοτίου Κορέας ἀνέθεσε σήμερον εἰς τὸν κ. Τσοὺκ Ἰλ Κβὸν τὴν ἐντολὴν σχηματισμοῦ νέας κυβερνήσεως. Ὁ νέος πρωθυπουργὸς ἐδήλωσεν ὅτι θὰ ἐπιδιώξῃ τὴν ταχεῖαν ἀποκατάστασιν τῆς ὁμαλότητος εἰς τὴν χώραν καὶ τὴν συνέχισιν τῶν ἐπαφῶν μετὰ τῆς Ἰαπωνίας.

Εἰς τὴν συνεδρίασιν ὡμίλησαν ὁ πρόεδρος τοῦ Ἱδρύματος, ὁ ὑπουργὸς τῆς Παιδείας καὶ ἐκπρόσωποι τῶν ξένων ἀποστολῶν, οἱ ὁποῖοι ἐξῆραν τὴν σημασίαν τῆς ἀνταλλαγῆς τῶν πνευματικῶν ἀγαθῶν μεταξὺ τῶν εὐρωπαϊκῶν λαῶν καὶ τὴν ἀνάγκην στενωτέρας συνεργασίας.

Η ΕΠΙΘΥΜΙΑ ΤΗΣ ΙΑΠΩΝΙΑΣ

ΣΕΟΥΛ, 11. (Ἀσσ. Πρές). — Ὁ πρόεδρος τῆς Νοτίου Κορέας ἀνέθεσε σήμερον εἰς τὸν κ. Τσοὺκ Ἰλ Κβὸν τὴν ἐντολὴν σχηματισμοῦ νέας κυβερνήσεως. Ὁ νέος πρωθυπουργὸς ἐδήλωσεν ὅτι θὰ ἐπιδιώξῃ τὴν ταχεῖαν ἀποκατάστασιν τῆς ὁμαλότητος εἰς τὴν χώραν καὶ τὴν συνέχισιν τῶν ἐπαφῶν μετὰ τῆς Ἰαπωνίας.

ΚΑΪΡΟΝ, 11. (Ἀσσ. Πρές). — Ὁ πρόεδρος κ. Νάσσερ, ὁμιλῶν πρὸς τὸν λαόν, ἐχαρακτήρισε τὴν Σοβιετικὴν Ρωσσίαν ὡς πολύτιμον φίλον τῆς Αἰγύπτου καὶ ἐξήρε τὴν βοήθειαν τὴν ὁποίαν αὕτη παρέχει διὰ τὴν ἀνάπτυξιν τῆς χώρας.

Ο ΦΟΥΜΠΡΑΪΤ ΔΙΑ ΝΕΟΥ ΑΡΘΡΟΥ ΤΟΥ ΕΠΑΝΑΛΑΜΒΑΝΕΙ ΟΤΙ Η ΚΟΥΒΑ ΔΕΝ ΑΠΕΙΛΕΙ ΤΑΣ ΗΝΩΜΕΝΑΣ ΠΟΛΙΤΕΙΑΣ

ΝΕΑ ΥΟΡΚΗ, 11. (Ἀσσ. Πρές). — Ὁ γερουσιαστὴς κ. Φουλμπράϊτ, πρόεδρος τῆς ἐπιτροπῆς ἐξωτερικῶν ὑποθέσεων τῆς Γερουσίας, ἐπανέλαβε διὰ νέου ἄρθρου του ὅτι ἡ Κούβα δὲν ἀποτελεῖ ἀπειλὴν διὰ τὴν ἀσφάλειαν τῶν Ἡνωμένων Πολιτειῶν καὶ ὅτι ἡ πολιτικὴ τῆς Οὐάσιγκτων πρέπει νὰ ἀναθεωρηθῇ.

ΟΥΑΣΙΓΚΤΩΝ, 11. (Ἀσσ. Πρές). — Τὸ νέον ἀμερικανικὸν βομβαρδιστικὸν ἀεροσκάφος, τὸ μεγαλύτερον τοῦ κόσμου, ἐκρίθη ἀκατάλληλον διὰ βομβαρδισμοὺς ἐναντίον τῶν διηπειρωτικῶν στόχων, σύμφωνα μὲ ἔκθεσιν τῆς ἁρμοδίας ἐπιτροπῆς τοῦ Κογκρέσσου.

ΝΕΑ ΥΟΡΚΗ, 11. (Ἀσσ. Πρές). — Ὁ γερουσιαστὴς κ. Φουλμπράϊτ, πρόεδρος τῆς ἐπιτροπῆς ἐξωτερικῶν ὑποθέσεων τῆς Γερουσίας, ἐπανέλαβε διὰ νέου ἄρθρου του ὅτι ἡ Κούβα δὲν ἀποτελεῖ ἀπειλὴν διὰ τὴν ἀσφάλειαν τῶν Ἡνωμένων Πολιτειῶν καὶ ὅτι ἡ πολιτικὴ τῆς Οὐάσιγκτων πρέπει νὰ ἀναθεωρηθῇ.

ΑΘΗΝΑΙ, 11. — Παρουσίᾳ τοῦ πρίγκηπος Βερνάρδου τῆς Ὁλλανδίας, τοῦ πρόεδρου τῆς Βουλῆς κ. Ροδοπούλου, πολλῶν ὑπουργῶν καὶ ἄλλων ἐπισήμων, ἤρχισαν χθὲς εἰς τὴν αἴθουσαν τοῦ Πανεπιστημίου αἱ ἐργασίαι τοῦ Εὐρωπαϊκοῦ Μορφωτικοῦ Ἱδρύματος, τὸ ὁποῖον ἀπεφάσισε τὴν ἵδρυσιν εἰδικῶν κέντρων μελέτης καὶ τὴν χορήγησιν ὑποτροφιῶν εἰς νέους ἐπιστήμονας ἐκ τῶν χωρῶν μελῶν.

ΚΑΤΕΣΚΕΥΑΣΘΗ Η ΚΕΦΑΛΗ ΤΗΣ ΝΕΡΑΪΔΑΣ ΑΛΛΑ ΘΑ ΑΡΓΗΣΗ ΕΝ ΑΚΟΜΗ ΜΗΝΑ ΝΑ ΤΟΠΟΘΕΤΗΘΗ ΕΙΣ ΤΟΝ...ΩΜΟΝ ΤΗΣ

ΚΟΠΕΓΧΑΓΗ, 11. (Ἀσσ. Πρές). — Ἡ κεφαλὴ τῆς Μικρᾶς Νεράϊδος, ἡ ὁποία εἶχεν ἀποκοπῆ ὑπὸ ἀγνώστων, κατεσκευάσθη ἐκ νέου, ἀλλὰ θὰ ἀργήσῃ ἀκόμη ἕνα μῆνα μέχρις ὅτου τοποθετηθῇ εἰς τὸν ὦμον τοῦ ἀγάλματος εἰς τὸν λιμένα.

ΚΟΠΕΓΧΑΓΗ, 11. (Ἀσσ. Πρές). — Ἡ κεφαλὴ τῆς Μικρᾶς Νεράϊδος, ἡ ὁποία εἶχεν ἀποκοπῆ ὑπὸ ἀγνώστων, κατεσκευάσθη ἐκ νέου, ἀλλὰ θὰ ἀργήσῃ ἀκόμη ἕνα μῆνα μέχρις ὅτου τοποθετηθῇ εἰς τὸν ὦμον τοῦ ἀγάλματος εἰς τὸν λιμένα.

ΑΜΕΡΙΚΑΝΙΚΟΝ ΜΕΓΑΘΗΡΙΟΝ ΤΩΝ ΑΙΘΕΡΩΝ ΑΚΑΤΑΛΛΗΛΟΝ ΔΙΑ ΒΟΜΒΑΡΔΙΣΜΟΥΣ ΕΝΑΝΤΙΟΝ ΤΩΝ ΔΙΗΠΕΙΡΩΤΙΚΩΝ ΣΤΟΧΩΝ

ΟΥΑΣΙΓΚΤΩΝ, 11. (Ἀσσ. Πρές). — Τὸ νέον ἀμερικανικὸν βομβαρδιστικὸν ἀεροσκάφος, τὸ μεγαλύτερον τοῦ κόσμου, ἐκρίθη ἀκατάλληλον διὰ βομβαρδισμοὺς ἐναντίον τῶν διηπειρωτικῶν στόχων, σύμφωνα μὲ ἔκθεσιν τῆς ἁρμοδίας ἐπιτροπῆς τοῦ Κογκρέσσου.

ΟΥΑΣΙΓΚΤΩΝ, 11. (Ἀσσ. Πρές). — Τὸ νέον ἀμερικανικὸν βομβαρδιστικὸν ἀεροσκάφος, τὸ μεγαλύτερον τοῦ κόσμου, ἐκρίθη ἀκατάλληλον διὰ βομβαρδισμοὺς ἐναντίον τῶν διηπειρωτικῶν στόχων, σύμφωνα μὲ ἔκθεσιν τῆς ἁρμοδίας ἐπιτροπῆς τοῦ Κογκρέσσου.

Εἰς τὴν συνεδρίασιν ὡμίλησαν ὁ πρόεδρος τοῦ Ἱδρύματος, ὁ ὑπουργὸς τῆς Παιδείας καὶ ἐκπρόσωποι τῶν ξένων ἀποστολῶν, οἱ ὁποῖοι ἐξῆραν τὴν σημασίαν τῆς ἀνταλλαγῆς τῶν πνευματικῶν ἀγαθῶν μεταξὺ τῶν εὐρωπαϊκῶν λαῶν καὶ τὴν ἀνάγκην στενωτέρας συνεργασίας.

Η ΕΝ ΒΟΝΝΗ ΑΙΓΥΠΤΙΑΚΗ ΠΡΕΣΒΕΙΑ ΑΡΝΕΙΤΑΙ ΟΤΙ ΕΘΕΩΡΗΣΕ ΤΟ ΔΙΑΒΑΤΗΡΙΟΝ ΤΟΥ ΝΕΝΤΒΙΧ

ΚΑΪΡΟΝ, 11. (Ἀσσ. Πρές). — Ὁ πρόεδρος κ. Νάσσερ, ὁμιλῶν πρὸς τὸν λαόν, ἐχαρακτήρισε τὴν Σοβιετικὴν Ρωσσίαν ὡς πολύτιμον φίλον τῆς Αἰγύπτου καὶ ἐξήρε τὴν βοήθειαν τὴν ὁποίαν αὕτη παρέχει διὰ τὴν ἀνάπτυξιν τῆς χώρας.

ΝΕΑ ΥΟΡΚΗ, 11. (Ἀσσ. Πρές). — Ὁ γερουσιαστὴς κ. Φουλμπράϊτ, πρόεδρος τῆς ἐπιτροπῆς ἐξωτερικῶν ὑποθέσεων τῆς Γερουσίας, ἐπανέλαβε διὰ νέου ἄρθρου του ὅτι ἡ Κούβα δὲν ἀποτελεῖ ἀπειλὴν διὰ τὴν ἀσφάλειαν τῶν Ἡνωμένων Πολιτειῶν καὶ ὅτι ἡ πολιτικὴ τῆς Οὐάσιγκτων πρέπει νὰ ἀναθεωρηθῇ.

ΑΝΩ ΤΩΝ 2.000.000 ΚΙΛΩΝ ΚΑΠΝΩΝ ΑΠΕΡΡΟΦΗΘΗΣΑΝ ΕΝΤΟΣ ΜΙΑΣ ΗΜΕΡΑΣ ΕΙΣ ΤΗΝ ΠΕΡΙΟΧΗΝ ΜΑΚΕΔΟΝΙΑΣ

ΘΕΣΣΑΛΟΝΙΚΗ, 11. — Ἄνω τῶν 2.000.000 κιλῶν καπνῶν ἀπερροφήθησαν κατὰ τὴν χθεσινὴν ἡμέραν εἰς τὴν περιοχὴν Μακεδονίας. Αἱ τιμαὶ ἐκυμάνθησαν μεταξὺ 25 καὶ 38 δραχμῶν κατ᾽ ὀκᾶν, ἀναλόγως τῆς ποιότητος.

ΘΕΣΣΑΛΟΝΙΚΗ, 11. — Ἄνω τῶν 2.000.000 κιλῶν καπνῶν ἀπερροφήθησαν κατὰ τὴν χθεσινὴν ἡμέραν εἰς τὴν περιοχὴν Μακεδονίας. Αἱ τιμαὶ ἐκυμάνθησαν μεταξὺ 25 καὶ 38 δραχμῶν κατ᾽ ὀκᾶν, ἀναλόγως τῆς ποιότητος.

ΘΕΣΣΑΛΟΝΙΚΗ, 11. — Ἄνω τῶν 2.000.000 κιλῶν καπνῶν ἀπερροφήθησαν κατὰ τὴν χθεσινὴν ἡμέραν εἰς τὴν περιοχὴν Μακεδονίας. Αἱ τιμαὶ ἐκυμάνθησαν μεταξὺ 25 καὶ 38 δραχμῶν κατ᾽ ὀκᾶν, ἀναλόγως τῆς ποιότητος.

Η.ΡΩΣΣΙΑ ΠΟΛΥΤΙΜΟΣ ΦΙΛΟΣ ΤΗΣ ΑΙΓΥΠΤΟΥ ΔΙΑΚΗΡΥΣΣΕΙ ΕΙΣ ΛΟΓΟΝ ΤΟΥ ο κ. ΝΑΣΣΕΡ

ΚΑΪΡΟΝ, 11. (Ἀσσ. Πρές). — Ὁ πρόεδρος κ. Νάσσερ, ὁμιλῶν πρὸς τὸν λαόν, ἐχαρακτήρισε τὴν Σοβιετικὴν Ρωσσίαν ὡς πολύτιμον φίλον τῆς Αἰγύπτου καὶ ἐξήρε τὴν βοήθειαν τὴν ὁποίαν αὕτη παρέχει διὰ τὴν ἀνάπτυξιν τῆς χώρας.

ΚΑΪΡΟΝ, 11. (Ἀσσ. Πρές). — Ὁ πρόεδρος κ. Νάσσερ, ὁμιλῶν πρὸς τὸν λαόν, ἐχαρακτήρισε τὴν Σοβιετικὴν Ρωσσίαν ὡς πολύτιμον φίλον τῆς Αἰγύπτου καὶ ἐξήρε τὴν βοήθειαν τὴν ὁποίαν αὕτη παρέχει διὰ τὴν ἀνάπτυξιν τῆς χώρας.

ΕΙΣ ΤΑ ΚΑΛΛΙΑ ΕΙΣ ΓΑΖΑΝ

ΣΕΟΥΛ, 11. (Ἀσσ. Πρές). — Ὁ πρόεδρος τῆς Νοτίου Κορέας ἀνέθεσε σήμερον εἰς τὸν κ. Τσοὺκ Ἰλ Κβὸν τὴν ἐντολὴν σχηματισμοῦ νέας κυβερνήσεως. Ὁ νέος πρωθυπουργὸς ἐδήλωσεν ὅτι θὰ ἐπιδιώξῃ τὴν ταχεῖαν ἀποκατάστασιν τῆς ὁμαλότητος εἰς τὴν χώραν καὶ τὴν συνέχισιν τῶν ἐπαφῶν μετὰ τῆς Ἰαπωνίας.

Ο ΚΡΟΥΣΤΕΙΣ ΕΙΣ ΤΑΣ ΠΥΡΑΜΙΔΑΣ

ΚΟΠΕΓΧΑΓΗ, 11. (Ἀσσ. Πρές). — Ἡ κεφαλὴ τῆς Μικρᾶς Νεράϊδος, ἡ ὁποία εἶχεν ἀποκοπῆ ὑπὸ ἀγνώστων, κατεσκευάσθη ἐκ νέου, ἀλλὰ θὰ ἀργήσῃ ἀκόμη ἕνα μῆνα μέχρις ὅτου τοποθετηθῇ εἰς τὸν ὦμον τοῦ ἀγάλματος εἰς τὸν λιμένα.

ΝΕΑΙ ΧΑΝΤΣΟΝ

ΝΕΑ ΥΟΡΚΗ, 11. (Ἀσσ. Πρές). — Ὁ γερουσιαστὴς κ. Φουλμπράϊτ, πρόεδρος τῆς ἐπιτροπῆς ἐξωτερικῶν ὑποθέσεων τῆς Γερουσίας, ἐπανέλαβε διὰ νέου ἄρθρου του ὅτι ἡ Κούβα δὲν ἀποτελεῖ ἀπειλὴν διὰ τὴν ἀσφάλειαν τῶν Ἡνωμένων Πολιτειῶν καὶ ὅτι ἡ πολιτικὴ τῆς Οὐάσιγκτων πρέπει νὰ ἀναθεωρηθῇ.

ΣΥΝΑΝΤΗΣΕΙΣ ΚΡΟΥΣΤΕΩΝ - ΑΡΕΩ

ΟΥΑΣΙΓΚΤΩΝ, 11. (Ἀσσ. Πρές). — Τὸ νέον ἀμερικανικὸν βομβαρδιστικὸν ἀεροσκάφος, τὸ μεγαλύτερον τοῦ κόσμου, ἐκρίθη ἀκατάλληλον διὰ βομβαρδισμοὺς ἐναντίον τῶν διηπειρωτικῶν στόχων, σύμφωνα μὲ ἔκθεσιν τῆς ἁρμοδίας ἐπιτροπῆς τοῦ Κογκρέσσου.

ΚΑΪΡΟΝ, 11. (Ἀσσ. Πρές). — Ὁ πρόεδρος κ. Νάσσερ, ὁμιλῶν πρὸς τὸν λαόν, ἐχαρακτήρισε τὴν Σοβιετικὴν Ρωσσίαν ὡς πολύτιμον φίλον τῆς Αἰγύπτου καὶ ἐξήρε τὴν βοήθειαν τὴν ὁποίαν αὕτη παρέχει διὰ τὴν ἀνάπτυξιν τῆς χώρας.
